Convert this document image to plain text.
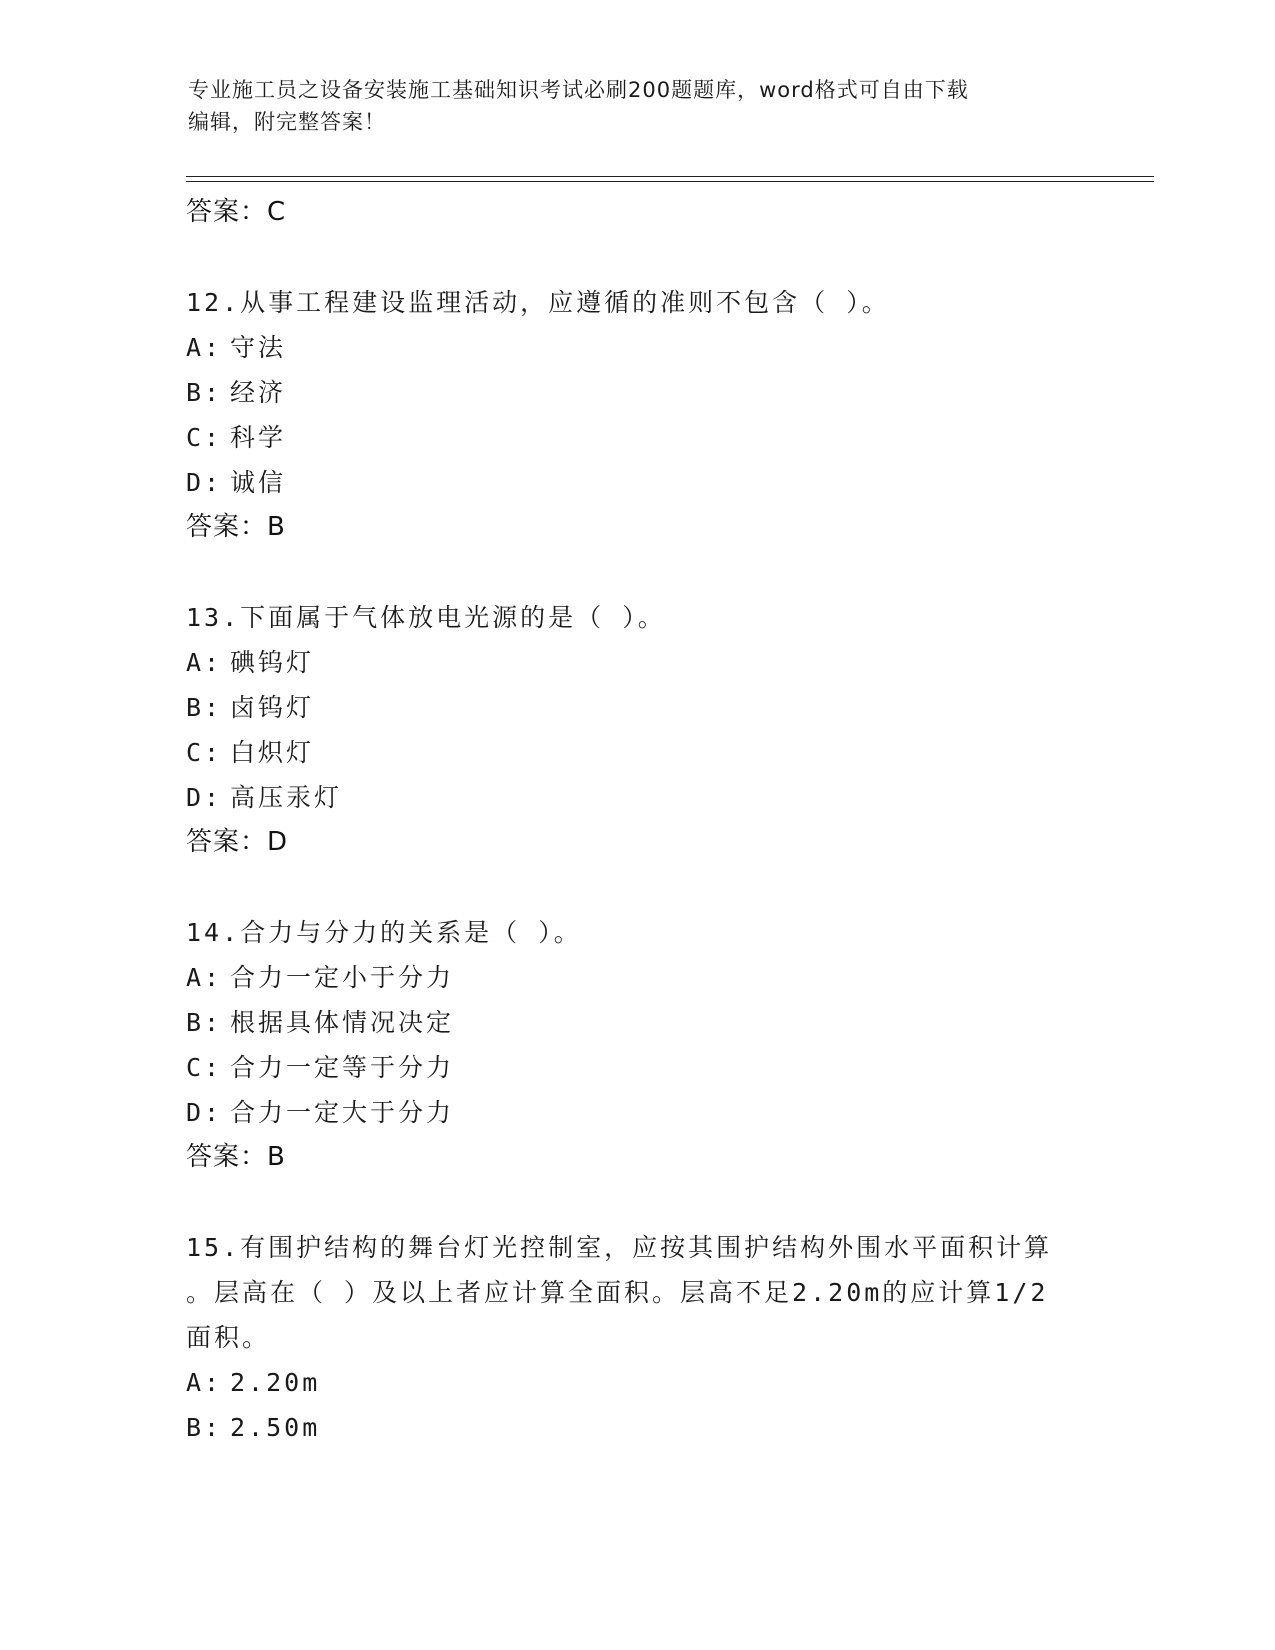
专业施工员之设备安装施工基础知识考试必刷200题题库，word格式可自由下载
编辑，附完整答案！
答案：C
12.从事工程建设监理活动，应遵循的准则不包含（ ）。
A: 守法
B: 经济
C: 科学
D: 诚信
答案：B
13.下面属于气体放电光源的是（ ）。
A: 碘钨灯
B: 卤钨灯
C: 白炽灯
D: 高压汞灯
答案：D
14.合力与分力的关系是（ ）。
A: 合力一定小于分力
B: 根据具体情况决定
C: 合力一定等于分力
D: 合力一定大于分力
答案：B
15.有围护结构的舞台灯光控制室，应按其围护结构外围水平面积计算
。层高在（ ）及以上者应计算全面积。层高不足2.20m的应计算1/2
面积。
A: 2.20m
B: 2.50m
